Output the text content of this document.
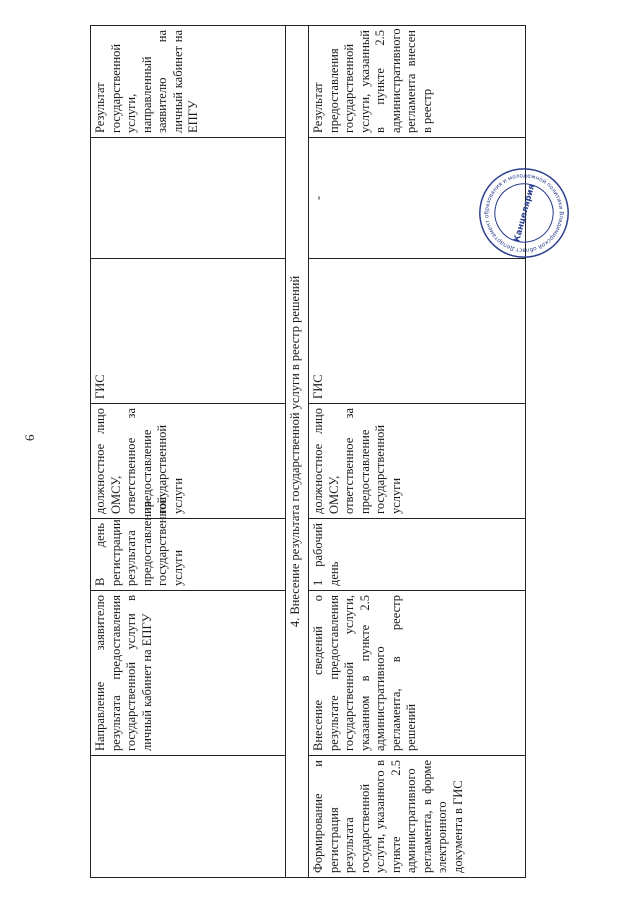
6
	Направление заявителю результата предоставления государственной услуги в личный кабинет на ЕПГУ	В день регистрации результата предоставления государственной услуги	должностное лицо ОМСУ, ответственное за предоставление государственной услуги	ГИС		Результат государственной услуги, направленный заявителю на личный кабинет на ЕПГУ
4. Внесение результата государственной услуги в реестр решений						
Формирование и регистрация результата государственной услуги, указанного в пункте 2.5 административного регламента, в форме электронного документа в ГИС	Внесение сведений о результате предоставления государственной услуги, указанном в пункте 2.5 административного регламента, в реестр решений	1 рабочий день	должностное лицо ОМСУ, ответственное за предоставление государственной услуги	ГИС	-	Результат предоставления государственной услуги, указанный в пункте 2.5 административного регламента внесен в реестр
Департамент образования и молодежной политики Владимирской области
Канцелярия
